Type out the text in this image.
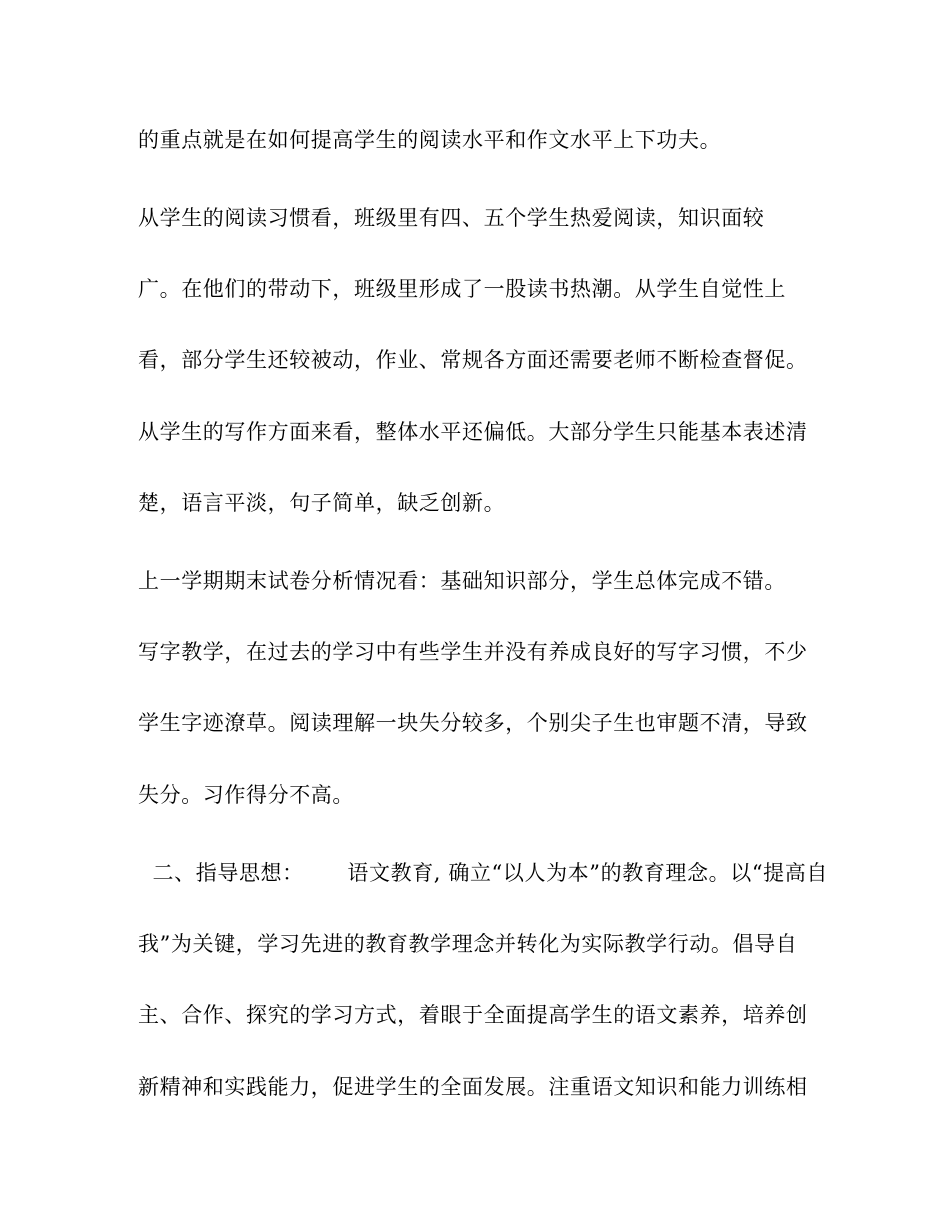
的重点就是在如何提高学生的阅读水平和作文水平上下功夫。
从学生的阅读习惯看，班级里有四、五个学生热爱阅读，知识面较
广。在他们的带动下，班级里形成了一股读书热潮。从学生自觉性上
看，部分学生还较被动，作业、常规各方面还需要老师不断检查督促。
从学生的写作方面来看，整体水平还偏低。大部分学生只能基本表述清
楚，语言平淡，句子简单，缺乏创新。
上一学期期末试卷分析情况看：基础知识部分，学生总体完成不错。
写字教学，在过去的学习中有些学生并没有养成良好的写字习惯，不少
学生字迹潦草。阅读理解一块失分较多，个别尖子生也审题不清，导致
失分。习作得分不高。
二、指导思想：      语文教育, 确立“以人为本”的教育理念。以“提高自
我”为关键，学习先进的教育教学理念并转化为实际教学行动。倡导自
主、合作、探究的学习方式，着眼于全面提高学生的语文素养，培养创
新精神和实践能力，促进学生的全面发展。注重语文知识和能力训练相
